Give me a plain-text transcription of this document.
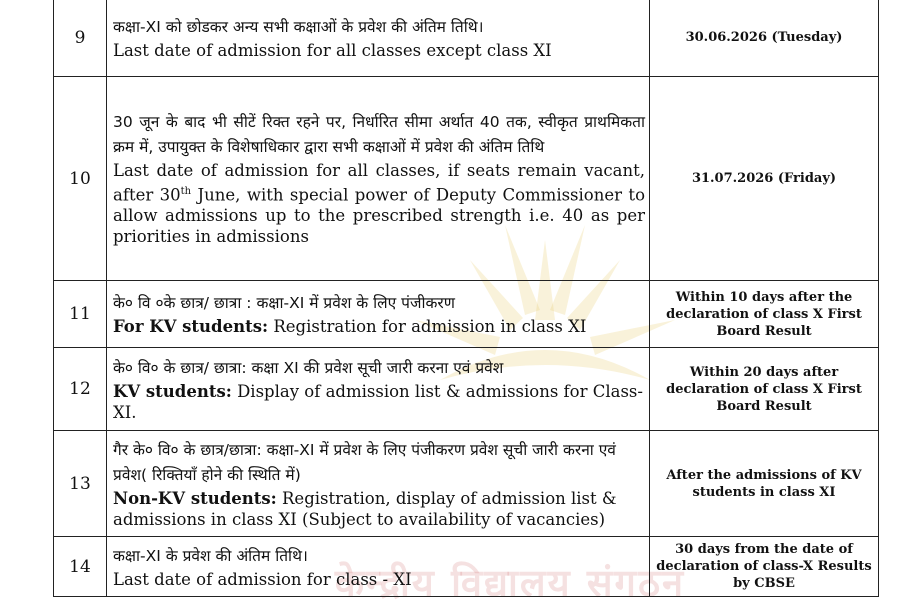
केन्द्रीय विद्यालय संगठन
9	कक्षा-XI को छोडकर अन्य सभी कक्षाओं के प्रवेश की अंतिम तिथि।
Last date of admission for all classes except class XI	30.06.2026 (Tuesday)
10	30 जून के बाद भी सीटें रिक्त रहने पर, निर्धारित सीमा अर्थात 40 तक, स्वीकृत प्राथमिकता क्रम में, उपायुक्त के विशेषाधिकार द्वारा सभी कक्षाओं में प्रवेश की अंतिम तिथि
Last date of admission for all classes, if seats remain vacant, after 30th June, with special power of Deputy Commissioner to allow admissions up to the prescribed strength i.e. 40 as per priorities in admissions	31.07.2026 (Friday)
11	के० वि ०के छात्र/ छात्रा : कक्षा-XI में प्रवेश के लिए पंजीकरण
For KV students: Registration for admission in class XI	Within 10 days after the declaration of class X First Board Result
12	के० वि० के छात्र/ छात्रा: कक्षा XI की प्रवेश सूची जारी करना एवं प्रवेश
KV students: Display of admission list & admissions for Class-XI.	Within 20 days after declaration of class X First Board Result
13	गैर के० वि० के छात्र/छात्रा: कक्षा-XI में प्रवेश के लिए पंजीकरण प्रवेश सूची जारी करना एवं प्रवेश( रिक्तियाँ होने की स्थिति में)
Non-KV students: Registration, display of admission list & admissions in class XI (Subject to availability of vacancies)	After the admissions of KV students in class XI
14	कक्षा-XI के प्रवेश की अंतिम तिथि।
Last date of admission for class - XI	30 days from the date of declaration of class-X Results by CBSE
